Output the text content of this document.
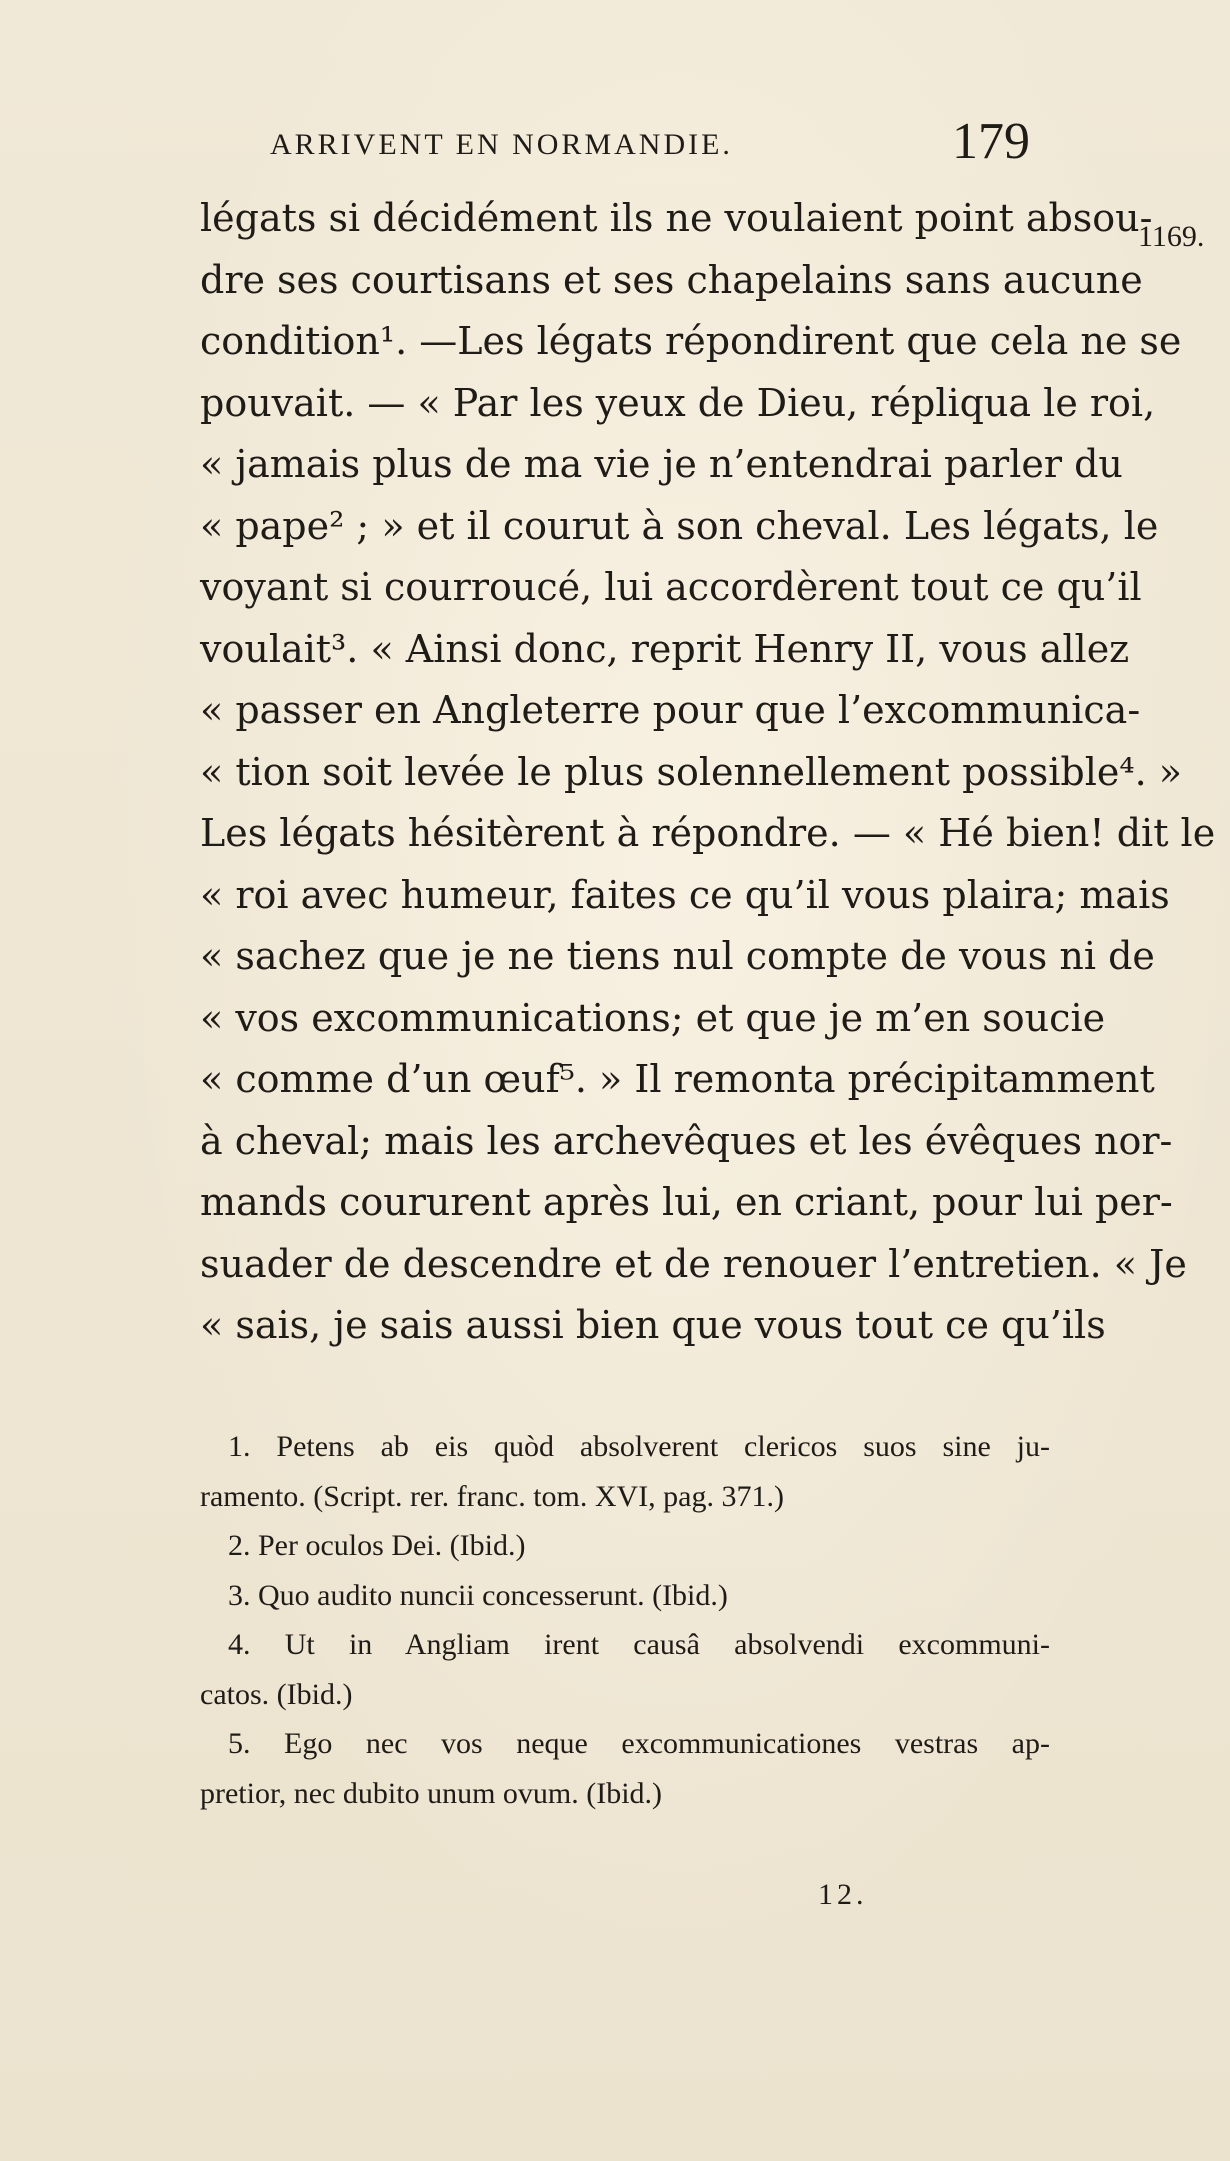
ARRIVENT EN NORMANDIE.	179
1169.
légats si décidément ils ne voulaient point absou-
dre ses courtisans et ses chapelains sans aucune
condition¹. —Les légats répondirent que cela ne se
pouvait. — « Par les yeux de Dieu, répliqua le roi,
« jamais plus de ma vie je n’entendrai parler du
« pape² ; » et il courut à son cheval. Les légats, le
voyant si courroucé, lui accordèrent tout ce qu’il
voulait³. « Ainsi donc, reprit Henry II, vous allez
« passer en Angleterre pour que l’excommunica-
« tion soit levée le plus solennellement possible⁴. »
Les légats hésitèrent à répondre. — « Hé bien! dit le
« roi avec humeur, faites ce qu’il vous plaira; mais
« sachez que je ne tiens nul compte de vous ni de
« vos excommunications; et que je m’en soucie
« comme d’un œuf⁵. » Il remonta précipitamment
à cheval; mais les archevêques et les évêques nor-
mands coururent après lui, en criant, pour lui per-
suader de descendre et de renouer l’entretien. « Je
« sais, je sais aussi bien que vous tout ce qu’ils
1. Petens ab eis quòd absolverent clericos suos sine ju-
ramento. (Script. rer. franc. tom. XVI, pag. 371.)
2. Per oculos Dei. (Ibid.)
3. Quo audito nuncii concesserunt. (Ibid.)
4. Ut in Angliam irent causâ absolvendi excommuni-
catos. (Ibid.)
5. Ego nec vos neque excommunicationes vestras ap-
pretior, nec dubito unum ovum. (Ibid.)
12.
